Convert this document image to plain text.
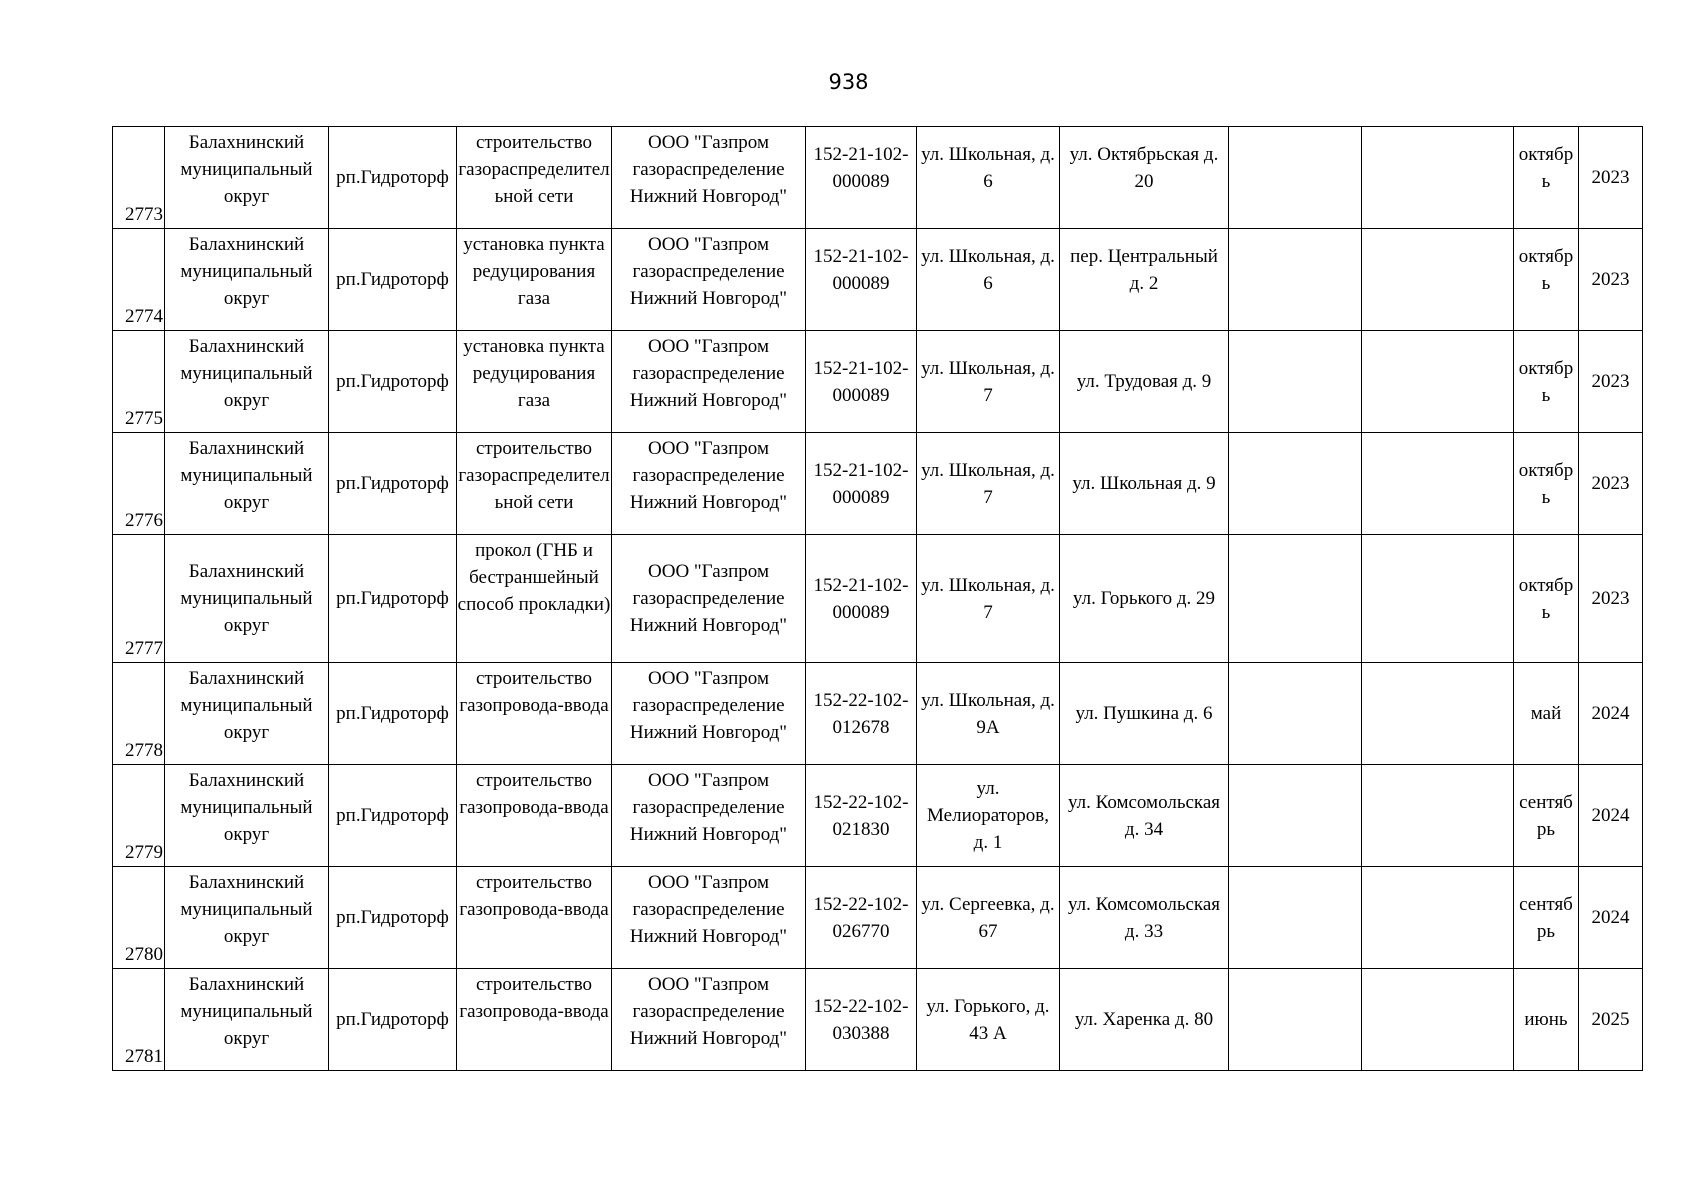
938
2773	Балахнинский муниципальный округ	рп.Гидроторф	строительство газораспределительной сети	ООО "Газпром газораспределение Нижний Новгород"	152-21-102-000089	ул. Школьная, д. 6	ул. Октябрьская д. 20			октябрь	2023
2774	Балахнинский муниципальный округ	рп.Гидроторф	установка пункта редуцирования газа	ООО "Газпром газораспределение Нижний Новгород"	152-21-102-000089	ул. Школьная, д. 6	пер. Центральный д. 2			октябрь	2023
2775	Балахнинский муниципальный округ	рп.Гидроторф	установка пункта редуцирования газа	ООО "Газпром газораспределение Нижний Новгород"	152-21-102-000089	ул. Школьная, д. 7	ул. Трудовая д. 9			октябрь	2023
2776	Балахнинский муниципальный округ	рп.Гидроторф	строительство газораспределительной сети	ООО "Газпром газораспределение Нижний Новгород"	152-21-102-000089	ул. Школьная, д. 7	ул. Школьная д. 9			октябрь	2023
2777	Балахнинский муниципальный округ	рп.Гидроторф	прокол (ГНБ и бестраншейный способ прокладки)	ООО "Газпром газораспределение Нижний Новгород"	152-21-102-000089	ул. Школьная, д. 7	ул. Горького д. 29			октябрь	2023
2778	Балахнинский муниципальный округ	рп.Гидроторф	строительство газопровода-ввода	ООО "Газпром газораспределение Нижний Новгород"	152-22-102-012678	ул. Школьная, д. 9А	ул. Пушкина д. 6			май	2024
2779	Балахнинский муниципальный округ	рп.Гидроторф	строительство газопровода-ввода	ООО "Газпром газораспределение Нижний Новгород"	152-22-102-021830	ул. Мелиораторов, д. 1	ул. Комсомольская д. 34			сентябрь	2024
2780	Балахнинский муниципальный округ	рп.Гидроторф	строительство газопровода-ввода	ООО "Газпром газораспределение Нижний Новгород"	152-22-102-026770	ул. Сергеевка, д. 67	ул. Комсомольская д. 33			сентябрь	2024
2781	Балахнинский муниципальный округ	рп.Гидроторф	строительство газопровода-ввода	ООО "Газпром газораспределение Нижний Новгород"	152-22-102-030388	ул. Горького, д. 43 А	ул. Харенка д. 80			июнь	2025
